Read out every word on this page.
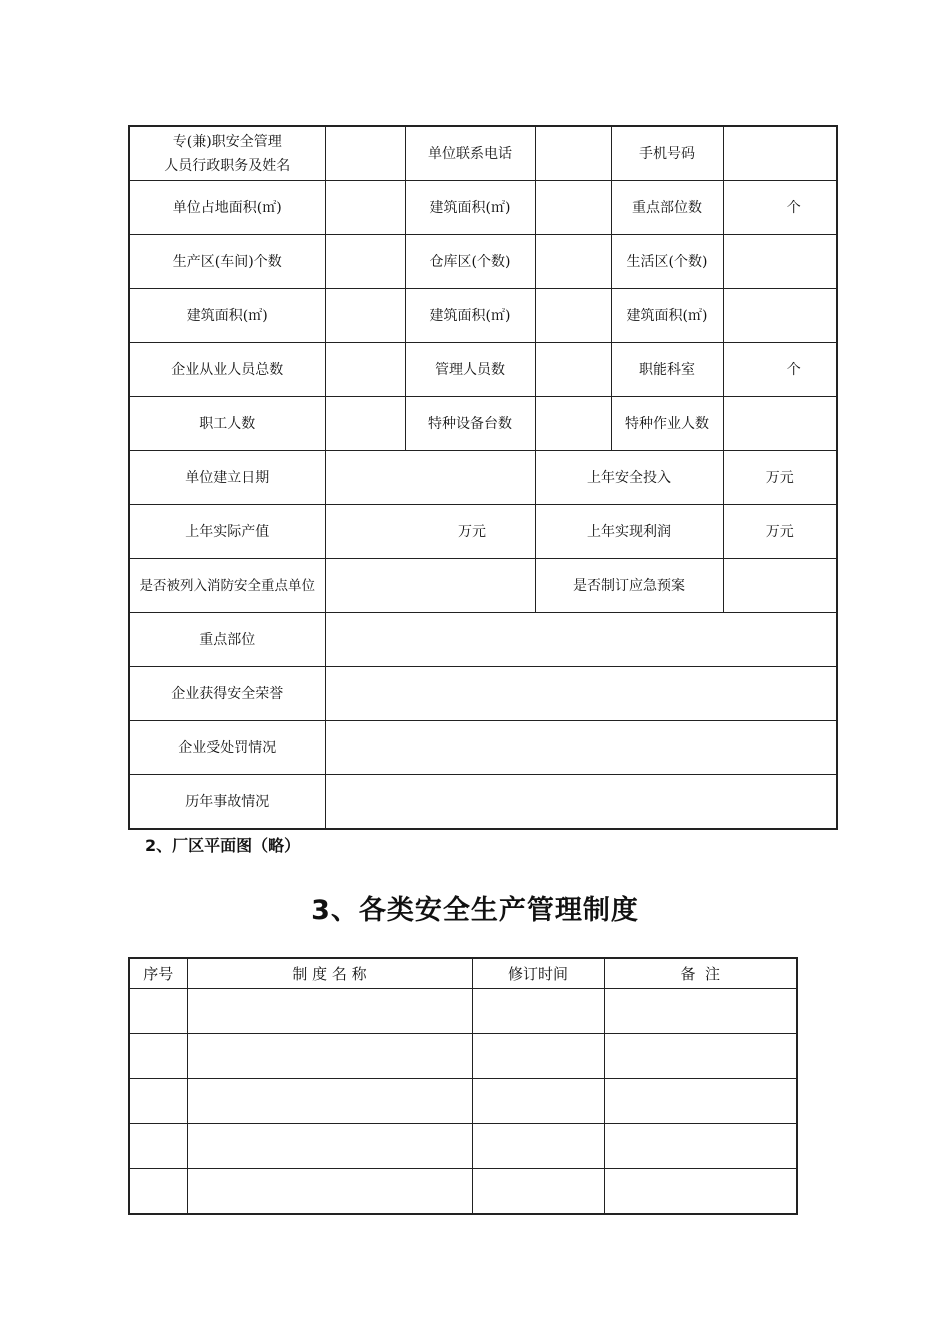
专(兼)职安全管理
人员行政职务及姓名		单位联系电话		手机号码	
单位占地面积(㎡)		建筑面积(㎡)		重点部位数	个
生产区(车间)个数		仓库区(个数)		生活区(个数)	
建筑面积(㎡)		建筑面积(㎡)		建筑面积(㎡)	
企业从业人员总数		管理人员数		职能科室	个
职工人数		特种设备台数		特种作业人数	
单位建立日期			上年安全投入		万元
上年实际产值	万元		上年实现利润		万元
是否被列入消防安全重点单位			是否制订应急预案		
重点部位					
企业获得安全荣誉					
企业受处罚情况					
历年事故情况					
2、厂区平面图（略）
3、各类安全生产管理制度
序号	制 度 名 称	修订时间	备  注
